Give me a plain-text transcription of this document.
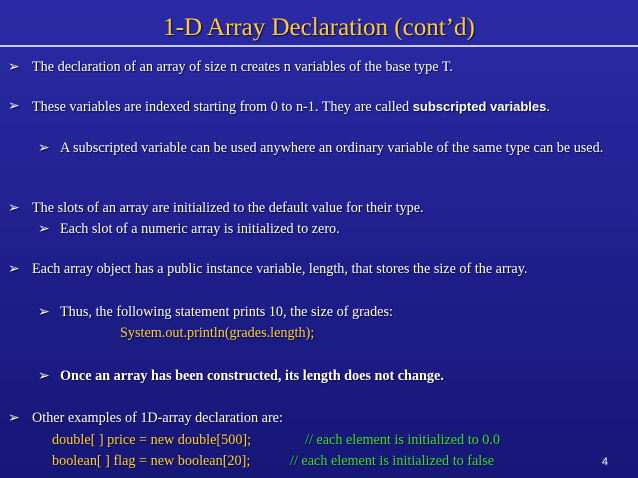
1-D Array Declaration (cont’d)
➢ The declaration of an array of size n creates n variables of the base type T.
➢ These variables are indexed starting from 0 to n-1. They are called subscripted variables.
➢ A subscripted variable can be used anywhere an ordinary variable of the same type can be used.
➢ The slots of an array are initialized to the default value for their type.
➢ Each slot of a numeric array is initialized to zero.
➢ Each array object has a public instance variable, length, that stores the size of the array.
➢ Thus, the following statement prints 10, the size of grades:
System.out.println(grades.length);
➢ Once an array has been constructed, its length does not change.
➢ Other examples of 1D-array declaration are:
double[ ] price = new double[500];	// each element is initialized to 0.0
boolean[ ] flag = new boolean[20];	// each element is initialized to false	4
